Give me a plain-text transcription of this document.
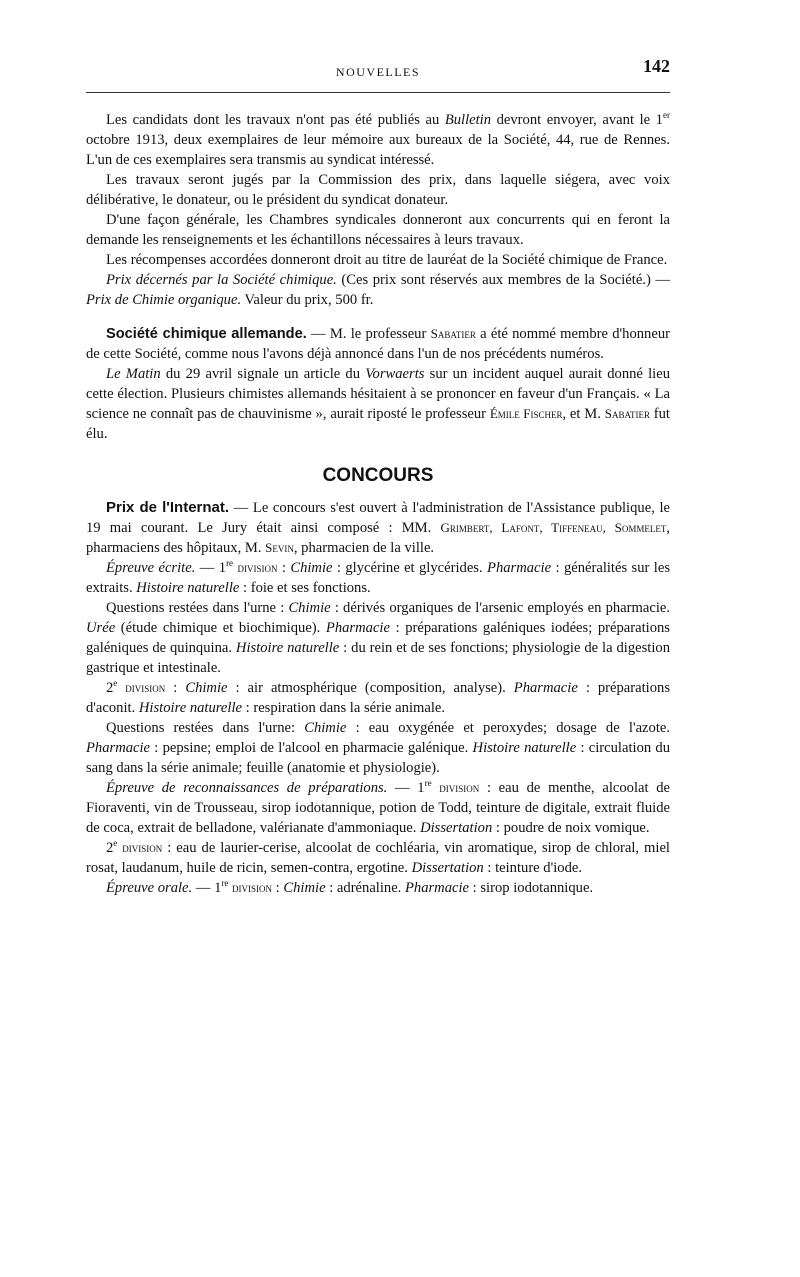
NOUVELLES	142

Les candidats dont les travaux n'ont pas été publiés au Bulletin devront envoyer, avant le 1er octobre 1913, deux exemplaires de leur mémoire aux bureaux de la Société, 44, rue de Rennes. L'un de ces exemplaires sera transmis au syndicat intéressé.

Les travaux seront jugés par la Commission des prix, dans laquelle siégera, avec voix délibérative, le donateur, ou le président du syndicat donateur.

D'une façon générale, les Chambres syndicales donneront aux concurrents qui en feront la demande les renseignements et les échantillons nécessaires à leurs travaux.

Les récompenses accordées donneront droit au titre de lauréat de la Société chimique de France.

Prix décernés par la Société chimique. (Ces prix sont réservés aux membres de la Société.) — Prix de Chimie organique. Valeur du prix, 500 fr.

Société chimique allemande. — M. le professeur Sabatier a été nommé membre d'honneur de cette Société, comme nous l'avons déjà annoncé dans l'un de nos précédents numéros.

Le Matin du 29 avril signale un article du Vorwaerts sur un incident auquel aurait donné lieu cette élection. Plusieurs chimistes allemands hésitaient à se prononcer en faveur d'un Français. « La science ne connaît pas de chauvinisme », aurait riposté le professeur Émile Fischer, et M. Sabatier fut élu.

CONCOURS

Prix de l'Internat. — Le concours s'est ouvert à l'administration de l'Assistance publique, le 19 mai courant. Le Jury était ainsi composé : MM. Grimbert, Lafont, Tiffeneau, Sommelet, pharmaciens des hôpitaux, M. Sevin, pharmacien de la ville.

Épreuve écrite. — 1re division : Chimie : glycérine et glycérides. Pharmacie : généralités sur les extraits. Histoire naturelle : foie et ses fonctions.

Questions restées dans l'urne : Chimie : dérivés organiques de l'arsenic employés en pharmacie. Urée (étude chimique et biochimique). Pharmacie : préparations galéniques iodées; préparations galéniques de quinquina. Histoire naturelle : du rein et de ses fonctions; physiologie de la digestion gastrique et intestinale.

2e division : Chimie : air atmosphérique (composition, analyse). Pharmacie : préparations d'aconit. Histoire naturelle : respiration dans la série animale.

Questions restées dans l'urne: Chimie : eau oxygénée et peroxydes; dosage de l'azote. Pharmacie : pepsine; emploi de l'alcool en pharmacie galénique. Histoire naturelle : circulation du sang dans la série animale; feuille (anatomie et physiologie).

Épreuve de reconnaissances de préparations. — 1re division : eau de menthe, alcoolat de Fioraventi, vin de Trousseau, sirop iodotannique, potion de Todd, teinture de digitale, extrait fluide de coca, extrait de belladone, valérianate d'ammoniaque. Dissertation : poudre de noix vomique.

2e division : eau de laurier-cerise, alcoolat de cochléaria, vin aromatique, sirop de chloral, miel rosat, laudanum, huile de ricin, semen-contra, ergotine. Dissertation : teinture d'iode.

Épreuve orale. — 1re division : Chimie : adrénaline. Pharmacie : sirop iodotannique.
